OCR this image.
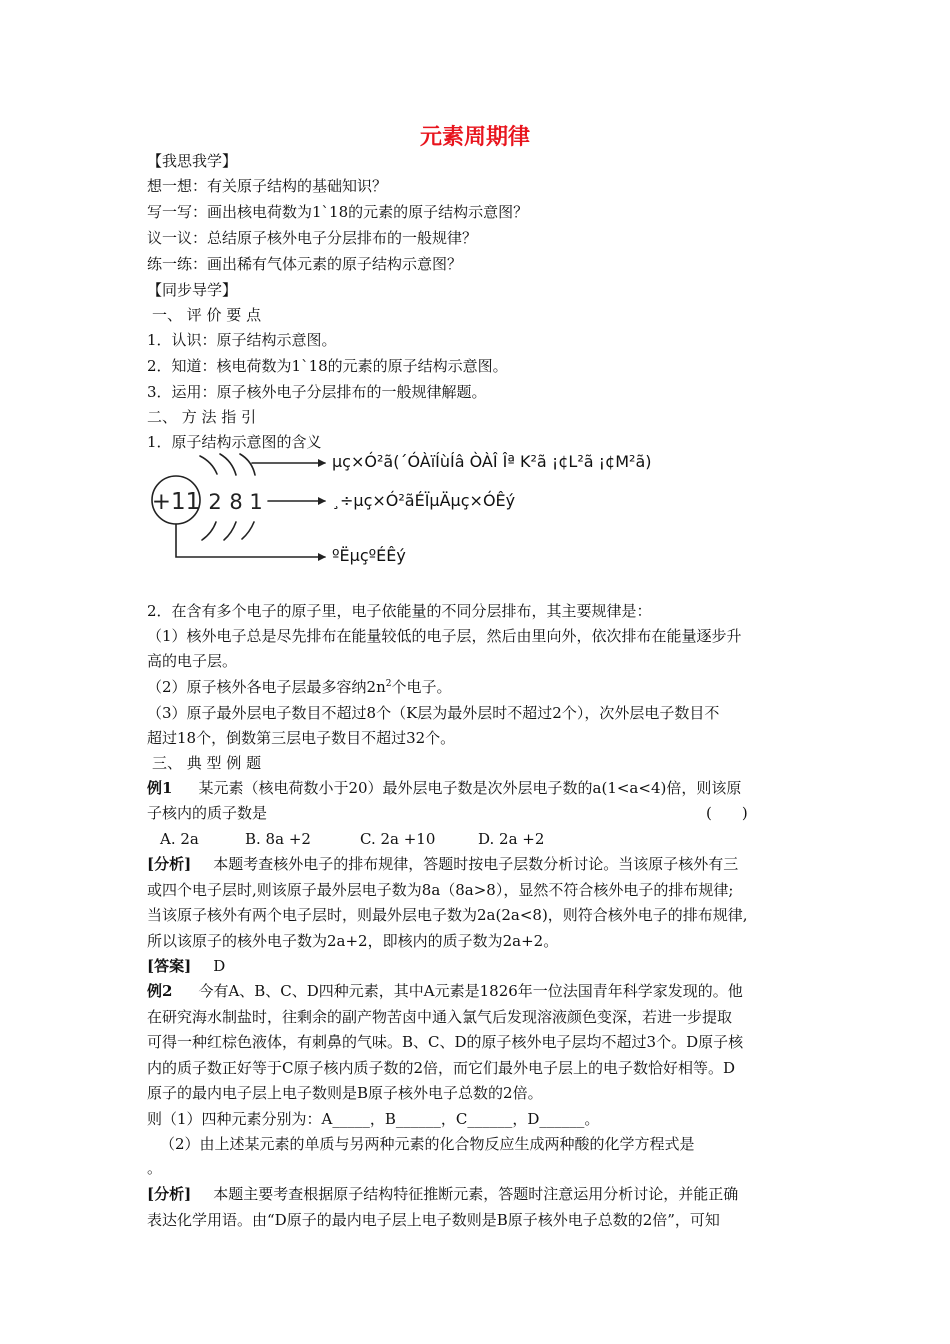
元素周期律
【我思我学】
想一想：有关原子结构的基础知识？
写一写：画出核电荷数为1`18的元素的原子结构示意图？
议一议：总结原子核外电子分层排布的一般规律？
练一练：画出稀有气体元素的原子结构示意图？
【同步导学】
一、 评 价 要 点
1．认识：原子结构示意图。
2．知道：核电荷数为1`18的元素的原子结构示意图。
3．运用：原子核外电子分层排布的一般规律解题。
二、 方 法 指 引
1．原子结构示意图的含义
+11 2 8 1
µç×Ó²ã(´ÓÀïÍùÍâ ÒÀÎ Îª K²ã ¡¢L²ã ¡¢M²ã)
¸÷µç×Ó²ãÉÏµÄµç×ÓÊý
ºËµçºÉÊý
2．在含有多个电子的原子里，电子依能量的不同分层排布，其主要规律是：
（1）核外电子总是尽先排布在能量较低的电子层，然后由里向外，依次排布在能量逐步升
高的电子层。
（2）原子核外各电子层最多容纳$2n^2$个电子。
（3）原子最外层电子数目不超过8个（K层为最外层时不超过2个），次外层电子数目不
超过18个，倒数第三层电子数目不超过32个。
三、 典 型 例 题
例1 某元素（核电荷数小于20）最外层电子数是次外层电子数的a(1<a<4)倍，则该原
子核内的质子数是	(　　)
A. 2a	B. 8a +2	C. 2a +10	D. 2a +2
[分析] 本题考查核外电子的排布规律，答题时按电子层数分析讨论。当该原子核外有三
或四个电子层时,则该原子最外层电子数为8a（8a>8），显然不符合核外电子的排布规律;
当该原子核外有两个电子层时，则最外层电子数为2a(2a<8)，则符合核外电子的排布规律,
所以该原子的核外电子数为2a+2，即核内的质子数为2a+2。
[答案] D
例2 今有A、B、C、D四种元素，其中A元素是1826年一位法国青年科学家发现的。他
在研究海水制盐时，往剩余的副产物苦卤中通入氯气后发现溶液颜色变深，若进一步提取
可得一种红棕色液体，有刺鼻的气味。B、C、D的原子核外电子层均不超过3个。D原子核
内的质子数正好等于C原子核内质子数的2倍，而它们最外电子层上的电子数恰好相等。D
原子的最内电子层上电子数则是B原子核外电子总数的2倍。
则（1）四种元素分别为：A_____，B______，C______，D______。
（2）由上述某元素的单质与另两种元素的化合物反应生成两种酸的化学方程式是
。
[分析] 本题主要考查根据原子结构特征推断元素，答题时注意运用分析讨论，并能正确
表达化学用语。由“D原子的最内电子层上电子数则是B原子核外电子总数的2倍”，可知
